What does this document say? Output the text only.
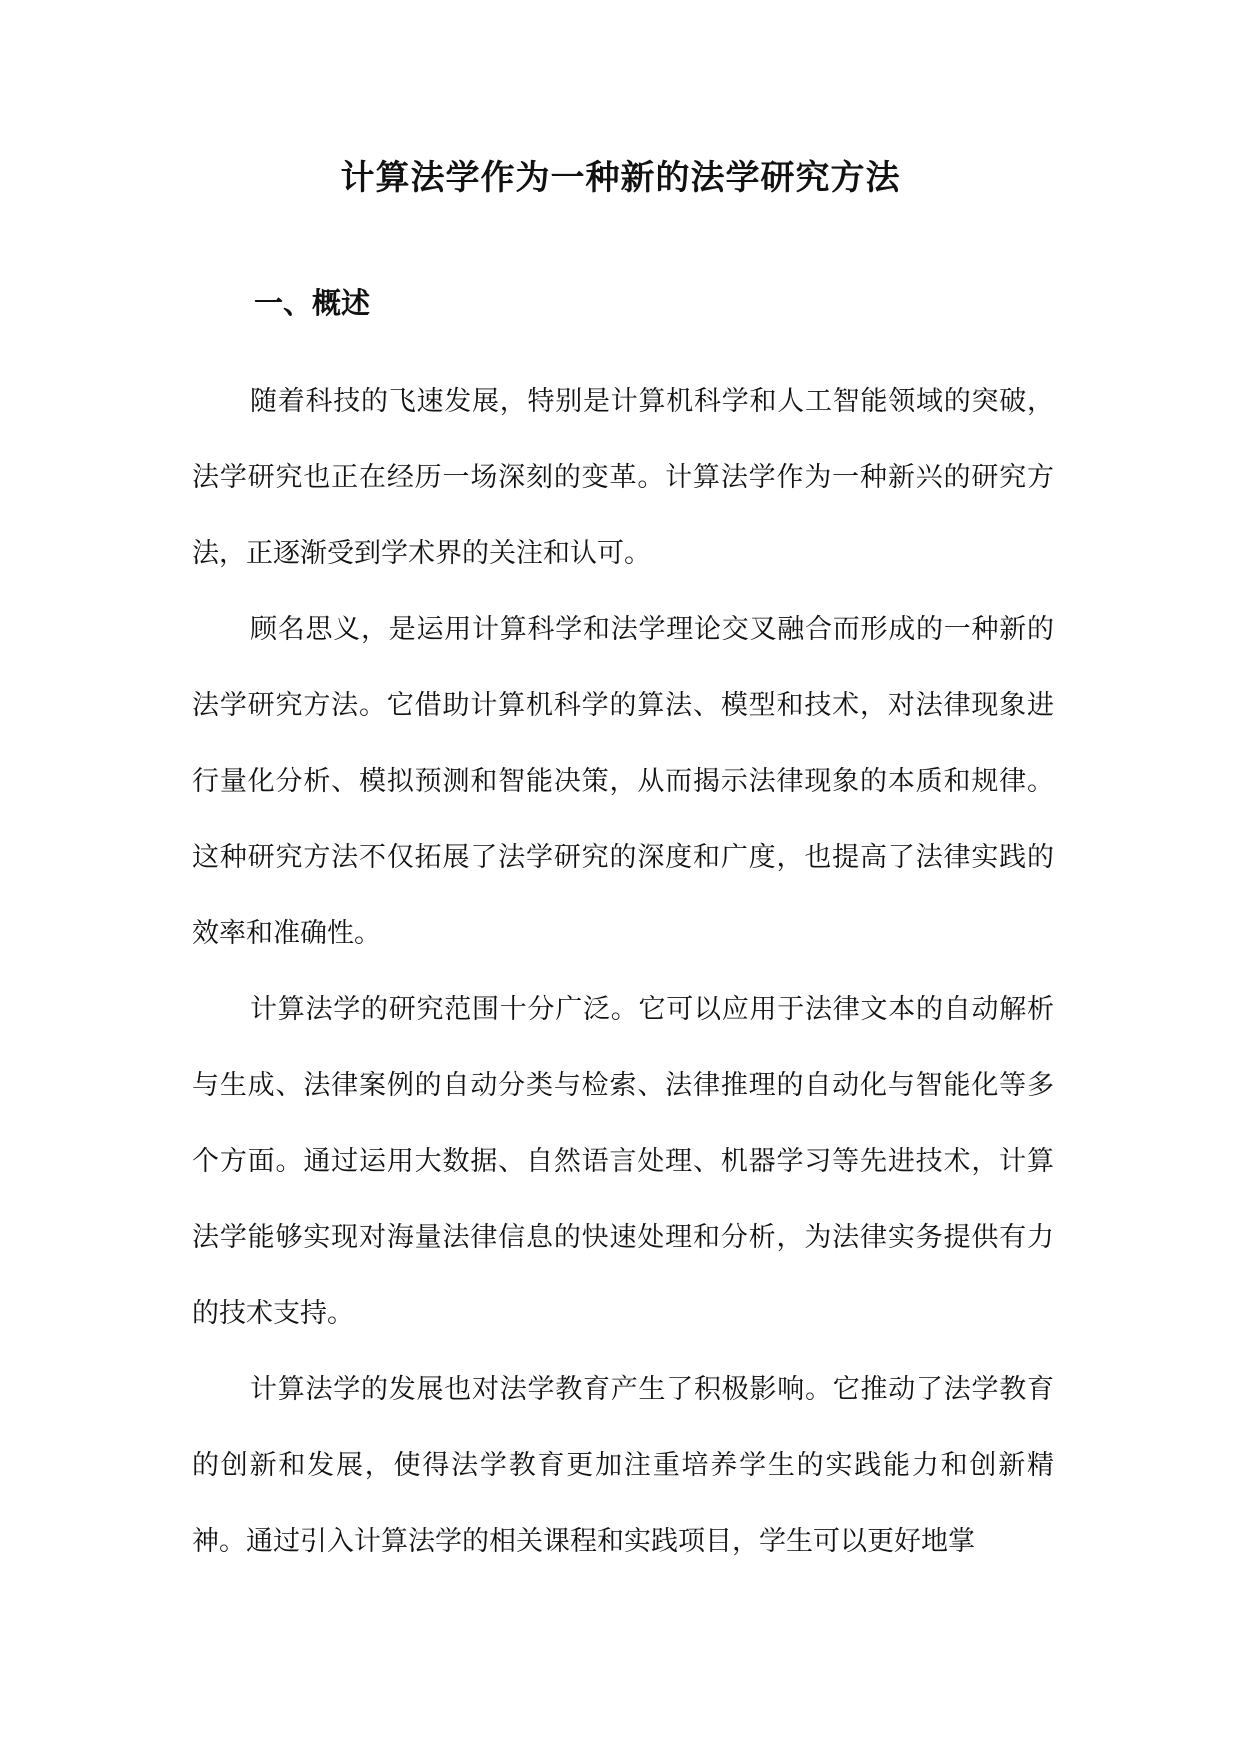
计算法学作为一种新的法学研究方法
一、概述

随着科技的飞速发展，特别是计算机科学和人工智能领域的突破，法学研究也正在经历一场深刻的变革。计算法学作为一种新兴的研究方法，正逐渐受到学术界的关注和认可。

顾名思义，是运用计算科学和法学理论交叉融合而形成的一种新的法学研究方法。它借助计算机科学的算法、模型和技术，对法律现象进行量化分析、模拟预测和智能决策，从而揭示法律现象的本质和规律。这种研究方法不仅拓展了法学研究的深度和广度，也提高了法律实践的效率和准确性。

计算法学的研究范围十分广泛。它可以应用于法律文本的自动解析与生成、法律案例的自动分类与检索、法律推理的自动化与智能化等多个方面。通过运用大数据、自然语言处理、机器学习等先进技术，计算法学能够实现对海量法律信息的快速处理和分析，为法律实务提供有力的技术支持。

计算法学的发展也对法学教育产生了积极影响。它推动了法学教育的创新和发展，使得法学教育更加注重培养学生的实践能力和创新精神。通过引入计算法学的相关课程和实践项目，学生可以更好地掌
